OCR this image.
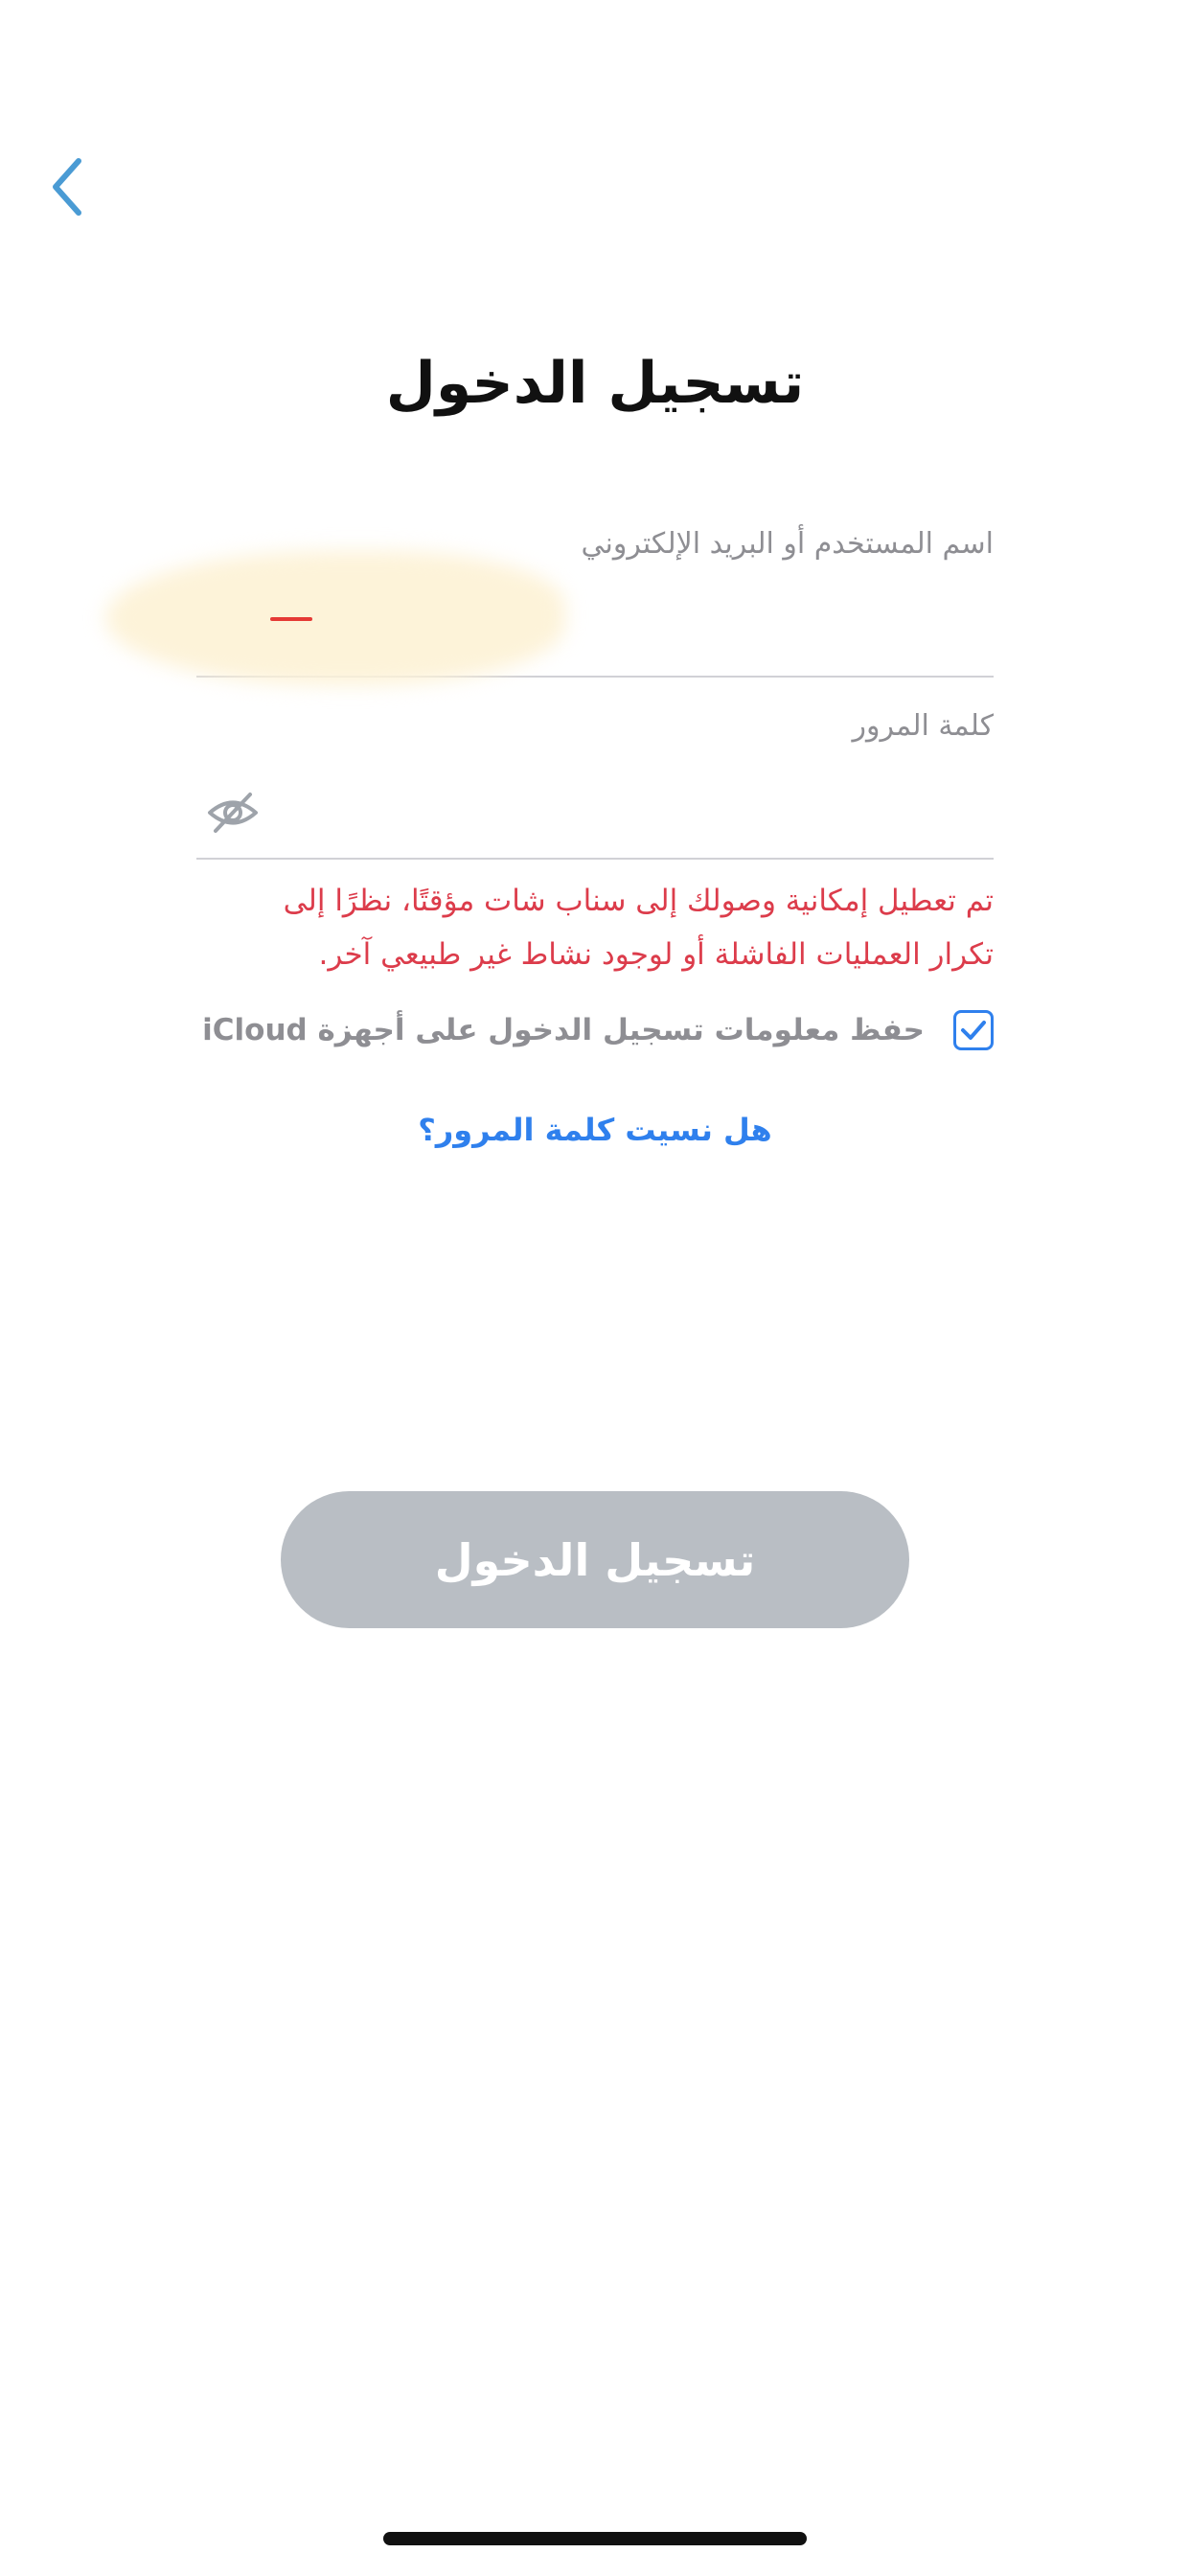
تسجيل الدخول
اسم المستخدم أو البريد الإلكتروني
كلمة المرور
تم تعطيل إمكانية وصولك إلى سناب شات مؤقتًا، نظرًا إلى تكرار العمليات الفاشلة أو لوجود نشاط غير طبيعي آخر.
حفظ معلومات تسجيل الدخول على أجهزة iCloud
هل نسيت كلمة المرور؟
تسجيل الدخول
